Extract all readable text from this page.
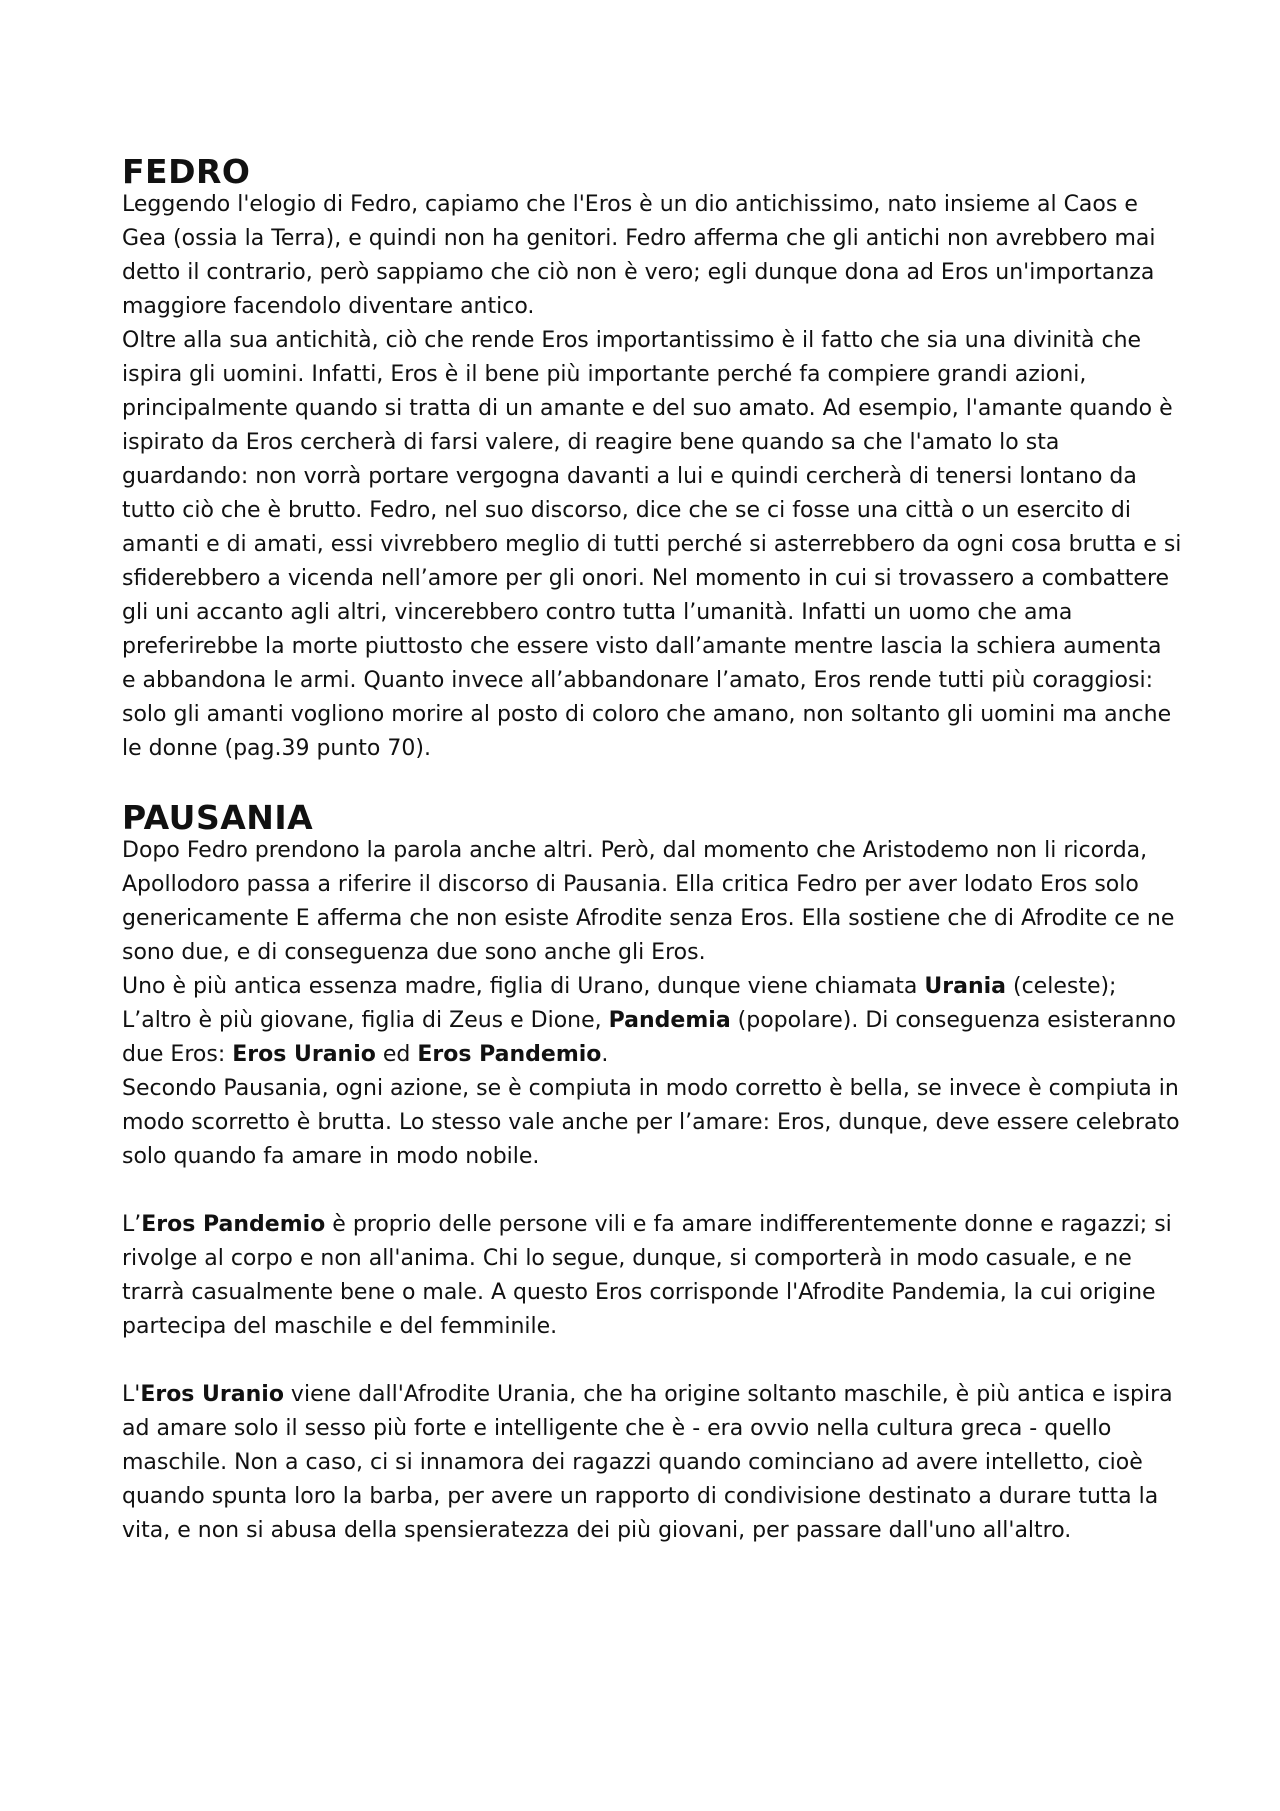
FEDRO

Leggendo l'elogio di Fedro, capiamo che l'Eros è un dio antichissimo, nato insieme al Caos e Gea (ossia la Terra), e quindi non ha genitori. Fedro afferma che gli antichi non avrebbero mai detto il contrario, però sappiamo che ciò non è vero; egli dunque dona ad Eros un'importanza maggiore facendolo diventare antico.

Oltre alla sua antichità, ciò che rende Eros importantissimo è il fatto che sia una divinità che ispira gli uomini. Infatti, Eros è il bene più importante perché fa compiere grandi azioni, principalmente quando si tratta di un amante e del suo amato. Ad esempio, l'amante quando è ispirato da Eros cercherà di farsi valere, di reagire bene quando sa che l'amato lo sta guardando: non vorrà portare vergogna davanti a lui e quindi cercherà di tenersi lontano da tutto ciò che è brutto. Fedro, nel suo discorso, dice che se ci fosse una città o un esercito di amanti e di amati, essi vivrebbero meglio di tutti perché si asterrebbero da ogni cosa brutta e si sfiderebbero a vicenda nell’amore per gli onori. Nel momento in cui si trovassero a combattere gli uni accanto agli altri, vincerebbero contro tutta l’umanità. Infatti un uomo che ama preferirebbe la morte piuttosto che essere visto dall’amante mentre lascia la schiera aumenta e abbandona le armi. Quanto invece all’abbandonare l’amato, Eros rende tutti più coraggiosi: solo gli amanti vogliono morire al posto di coloro che amano, non soltanto gli uomini ma anche le donne (pag.39 punto 70).

PAUSANIA

Dopo Fedro prendono la parola anche altri. Però, dal momento che Aristodemo non li ricorda, Apollodoro passa a riferire il discorso di Pausania. Ella critica Fedro per aver lodato Eros solo genericamente E afferma che non esiste Afrodite senza Eros. Ella sostiene che di Afrodite ce ne sono due, e di conseguenza due sono anche gli Eros.

Uno è più antica essenza madre, figlia di Urano, dunque viene chiamata Urania (celeste); L’altro è più giovane, figlia di Zeus e Dione, Pandemia (popolare). Di conseguenza esisteranno due Eros: Eros Uranio ed Eros Pandemio.

Secondo Pausania, ogni azione, se è compiuta in modo corretto è bella, se invece è compiuta in modo scorretto è brutta. Lo stesso vale anche per l’amare: Eros, dunque, deve essere celebrato solo quando fa amare in modo nobile.

L’Eros Pandemio è proprio delle persone vili e fa amare indifferentemente donne e ragazzi; si rivolge al corpo e non all'anima. Chi lo segue, dunque, si comporterà in modo casuale, e ne trarrà casualmente bene o male. A questo Eros corrisponde l'Afrodite Pandemia, la cui origine partecipa del maschile e del femminile.

L'Eros Uranio viene dall'Afrodite Urania, che ha origine soltanto maschile, è più antica e ispira ad amare solo il sesso più forte e intelligente che è - era ovvio nella cultura greca - quello maschile. Non a caso, ci si innamora dei ragazzi quando cominciano ad avere intelletto, cioè quando spunta loro la barba, per avere un rapporto di condivisione destinato a durare tutta la vita, e non si abusa della spensieratezza dei più giovani, per passare dall'uno all'altro.
